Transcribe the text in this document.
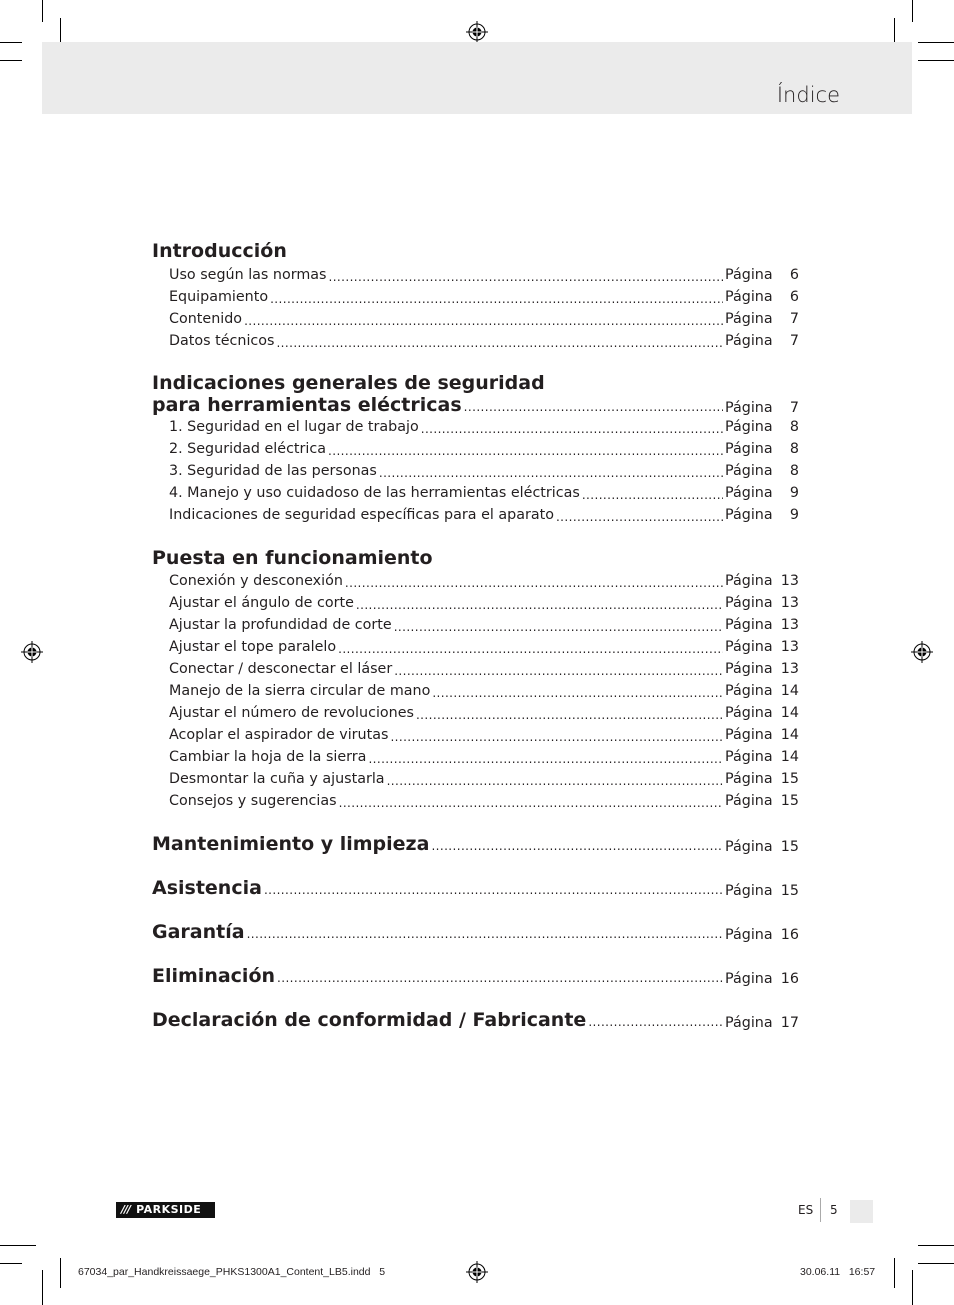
Índice
Introducción
Uso según las normas .....	Página	6
Equipamiento .....	Página	6
Contenido .....	Página	7
Datos técnicos .....	Página	7
Indicaciones generales de seguridad
para herramientas eléctricas .....	Página	7
1. Seguridad en el lugar de trabajo .....	Página	8
2. Seguridad eléctrica .....	Página	8
3. Seguridad de las personas .....	Página	8
4. Manejo y uso cuidadoso de las herramientas eléctricas .....	Página	9
Indicaciones de seguridad específicas para el aparato .....	Página	9
Puesta en funcionamiento
Conexión y desconexión .....	Página 13
Ajustar el ángulo de corte .....	Página 13
Ajustar la profundidad de corte .....	Página 13
Ajustar el tope paralelo .....	Página 13
Conectar / desconectar el láser .....	Página 13
Manejo de la sierra circular de mano .....	Página 14
Ajustar el número de revoluciones .....	Página 14
Acoplar el aspirador de virutas .....	Página 14
Cambiar la hoja de la sierra .....	Página 14
Desmontar la cuña y ajustarla .....	Página 15
Consejos y sugerencias .....	Página 15
Mantenimiento y limpieza .....	Página 15
Asistencia .....	Página 15
Garantía .....	Página 16
Eliminación .....	Página 16
Declaración de conformidad / Fabricante .....	Página 17
/// PARKSIDE	ES 5
67034_par_Handkreissaege_PHKS1300A1_Content_LB5.indd   5	30.06.11   16:57
